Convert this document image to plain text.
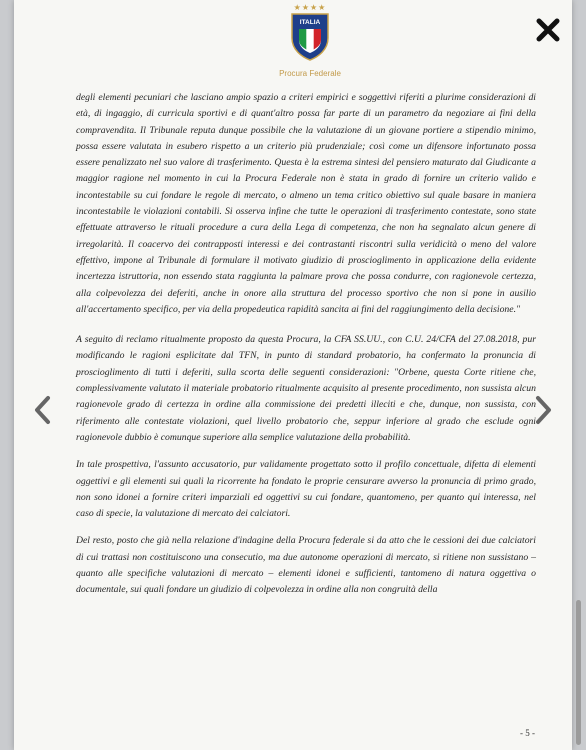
★★★★
ITALIA
Procura Federale

degli elementi pecuniari che lasciano ampio spazio a criteri empirici e soggettivi riferiti a plurime considerazioni di età, di ingaggio, di curricula sportivi e di quant'altro possa far parte di un parametro da negoziare ai fini della compravendita. Il Tribunale reputa dunque possibile che la valutazione di un giovane portiere a stipendio minimo, possa essere valutata in esubero rispetto a un criterio più prudenziale; così come un difensore infortunato possa essere penalizzato nel suo valore di trasferimento. Questa è la estrema sintesi del pensiero maturato dal Giudicante a maggior ragione nel momento in cui la Procura Federale non è stata in grado di fornire un criterio valido e incontestabile su cui fondare le regole di mercato, o almeno un tema critico obiettivo sul quale basare in maniera incontestabile le violazioni contabili. Si osserva infine che tutte le operazioni di trasferimento contestate, sono state effettuate attraverso le rituali procedure a cura della Lega di competenza, che non ha segnalato alcun genere di irregolarità. Il coacervo dei contrapposti interessi e dei contrastanti riscontri sulla veridicità o meno del valore effettivo, impone al Tribunale di formulare il motivato giudizio di proscioglimento in applicazione della evidente incertezza istruttoria, non essendo stata raggiunta la palmare prova che possa condurre, con ragionevole certezza, alla colpevolezza dei deferiti, anche in onore alla struttura del processo sportivo che non si pone in ausilio all'accertamento specifico, per via della propedeutica rapidità sancita ai fini del raggiungimento della decisione."

A seguito di reclamo ritualmente proposto da questa Procura, la CFA SS.UU., con C.U. 24/CFA del 27.08.2018, pur modificando le ragioni esplicitate dal TFN, in punto di standard probatorio, ha confermato la pronuncia di proscioglimento di tutti i deferiti, sulla scorta delle seguenti considerazioni: "Orbene, questa Corte ritiene che, complessivamente valutato il materiale probatorio ritualmente acquisito al presente procedimento, non sussista alcun ragionevole grado di certezza in ordine alla commissione dei predetti illeciti e che, dunque, non sussista, con riferimento alle contestate violazioni, quel livello probatorio che, seppur inferiore al grado che esclude ogni ragionevole dubbio è comunque superiore alla semplice valutazione della probabilità.

In tale prospettiva, l'assunto accusatorio, pur validamente progettato sotto il profilo concettuale, difetta di elementi oggettivi e gli elementi sui quali la ricorrente ha fondato le proprie censurare avverso la pronuncia di primo grado, non sono idonei a fornire criteri imparziali ed oggettivi su cui fondare, quantomeno, per quanto qui interessa, nel caso di specie, la valutazione di mercato dei calciatori.

Del resto, posto che già nella relazione d'indagine della Procura federale si da atto che le cessioni dei due calciatori di cui trattasi non costituiscono una consecutio, ma due autonome operazioni di mercato, si ritiene non sussistano – quanto alle specifiche valutazioni di mercato – elementi idonei e sufficienti, tantomeno di natura oggettiva o documentale, sui quali fondare un giudizio di colpevolezza in ordine alla non congruità della

- 5 -
